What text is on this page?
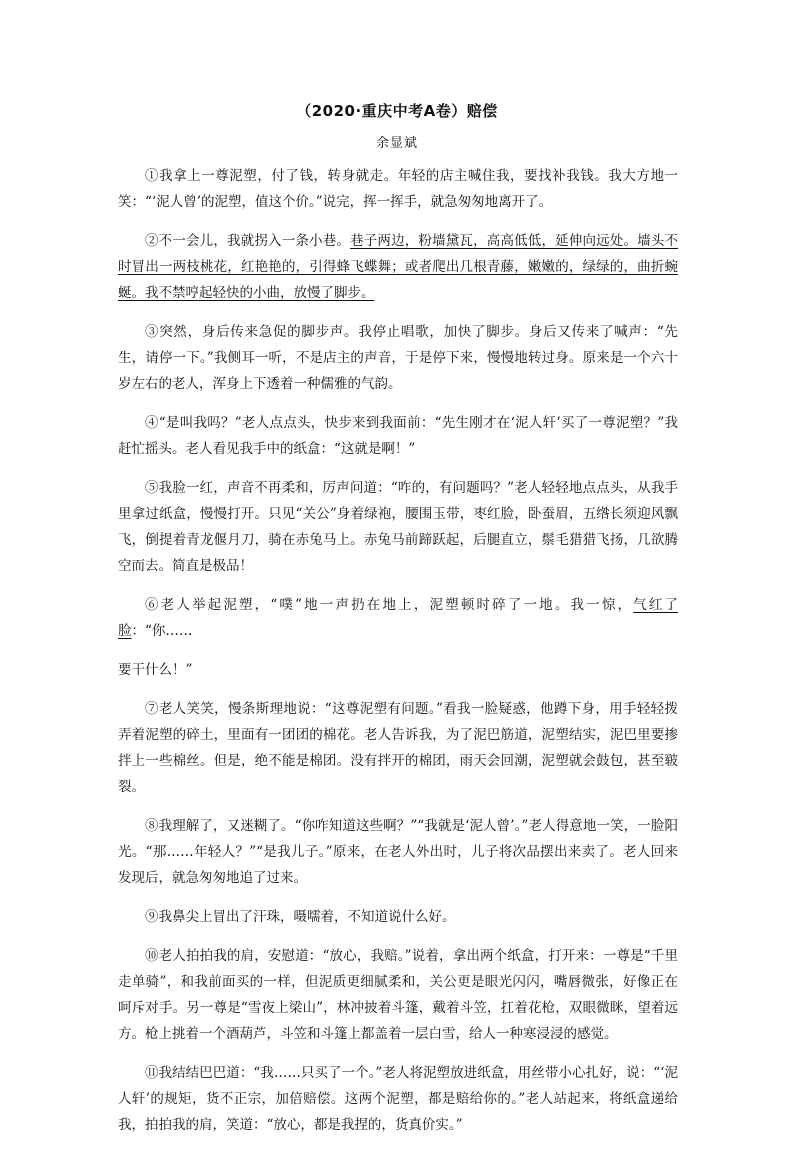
（2020·重庆中考A卷）赔偿
余显斌

①我拿上一尊泥塑，付了钱，转身就走。年轻的店主喊住我，要找补我钱。我大方地一笑：“‘泥人曾’的泥塑，值这个价。”说完，挥一挥手，就急匆匆地离开了。

②不一会儿，我就拐入一条小巷。巷子两边，粉墙黛瓦，高高低低，延伸向远处。墙头不时冒出一两枝桃花，红艳艳的，引得蜂飞蝶舞；或者爬出几根青藤，嫩嫩的，绿绿的，曲折蜿蜒。我不禁哼起轻快的小曲，放慢了脚步。

③突然，身后传来急促的脚步声。我停止唱歌，加快了脚步。身后又传来了喊声：“先生，请停一下。”我侧耳一听，不是店主的声音，于是停下来，慢慢地转过身。原来是一个六十岁左右的老人，浑身上下透着一种儒雅的气韵。

④“是叫我吗？”老人点点头，快步来到我面前：“先生刚才在‘泥人轩’买了一尊泥塑？”我赶忙摇头。老人看见我手中的纸盒：“这就是啊！”

⑤我脸一红，声音不再柔和，厉声问道：“咋的，有问题吗？”老人轻轻地点点头，从我手里拿过纸盒，慢慢打开。只见“关公”身着绿袍，腰围玉带，枣红脸，卧蚕眉，五绺长须迎风飘飞，倒提着青龙偃月刀，骑在赤兔马上。赤兔马前蹄跃起，后腿直立，鬃毛猎猎飞扬，几欲腾空而去。简直是极品！

⑥老人举起泥塑，“噗”地一声扔在地上，泥塑顿时碎了一地。我一惊，气红了脸：“你……

要干什么！”

⑦老人笑笑，慢条斯理地说：“这尊泥塑有问题。”看我一脸疑惑，他蹲下身，用手轻轻拨弄着泥塑的碎土，里面有一团团的棉花。老人告诉我，为了泥巴筋道，泥塑结实，泥巴里要掺拌上一些棉丝。但是，绝不能是棉团。没有拌开的棉团，雨天会回潮，泥塑就会鼓包，甚至皲裂。

⑧我理解了，又迷糊了。“你咋知道这些啊？”“我就是‘泥人曾’。”老人得意地一笑，一脸阳光。“那……年轻人？”“是我儿子。”原来，在老人外出时，儿子将次品摆出来卖了。老人回来发现后，就急匆匆地追了过来。

⑨我鼻尖上冒出了汗珠，嗫嚅着，不知道说什么好。

⑩老人拍拍我的肩，安慰道：“放心，我赔。”说着，拿出两个纸盒，打开来：一尊是“千里走单骑”，和我前面买的一样，但泥质更细腻柔和，关公更是眼光闪闪，嘴唇微张，好像正在呵斥对手。另一尊是“雪夜上梁山”，林冲披着斗篷，戴着斗笠，扛着花枪，双眼微眯，望着远方。枪上挑着一个酒葫芦，斗笠和斗篷上都盖着一层白雪，给人一种寒浸浸的感觉。

⑪我结结巴巴道：“我……只买了一个。”老人将泥塑放进纸盒，用丝带小心扎好，说：“‘泥人轩’的规矩，货不正宗，加倍赔偿。这两个泥塑，都是赔给你的。”老人站起来，将纸盒递给我，拍拍我的肩，笑道：“放心，都是我捏的，货真价实。”
